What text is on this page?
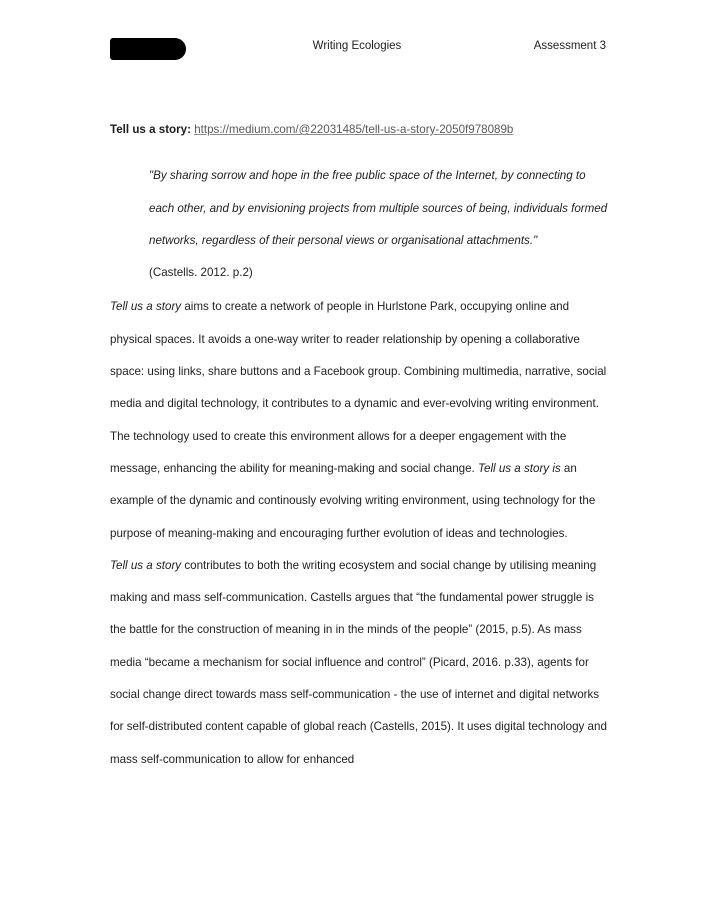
Writing Ecologies	Assessment 3

Tell us a story: https://medium.com/@22031485/tell-us-a-story-2050f978089b

"By sharing sorrow and hope in the free public space of the Internet, by connecting to each other, and by envisioning projects from multiple sources of being, individuals formed networks, regardless of their personal views or organisational attachments."
(Castells. 2012. p.2)

Tell us a story aims to create a network of people in Hurlstone Park, occupying online and physical spaces. It avoids a one-way writer to reader relationship by opening a collaborative space: using links, share buttons and a Facebook group. Combining multimedia, narrative, social media and digital technology, it contributes to a dynamic and ever-evolving writing environment. The technology used to create this environment allows for a deeper engagement with the message, enhancing the ability for meaning-making and social change. Tell us a story is an example of the dynamic and continously evolving writing environment, using technology for the purpose of meaning-making and encouraging further evolution of ideas and technologies.

Tell us a story contributes to both the writing ecosystem and social change by utilising meaning making and mass self-communication. Castells argues that “the fundamental power struggle is the battle for the construction of meaning in in the minds of the people” (2015, p.5). As mass media “became a mechanism for social influence and control” (Picard, 2016. p.33), agents for social change direct towards mass self-communication - the use of internet and digital networks for self-distributed content capable of global reach (Castells, 2015). It uses digital technology and mass self-communication to allow for enhanced
